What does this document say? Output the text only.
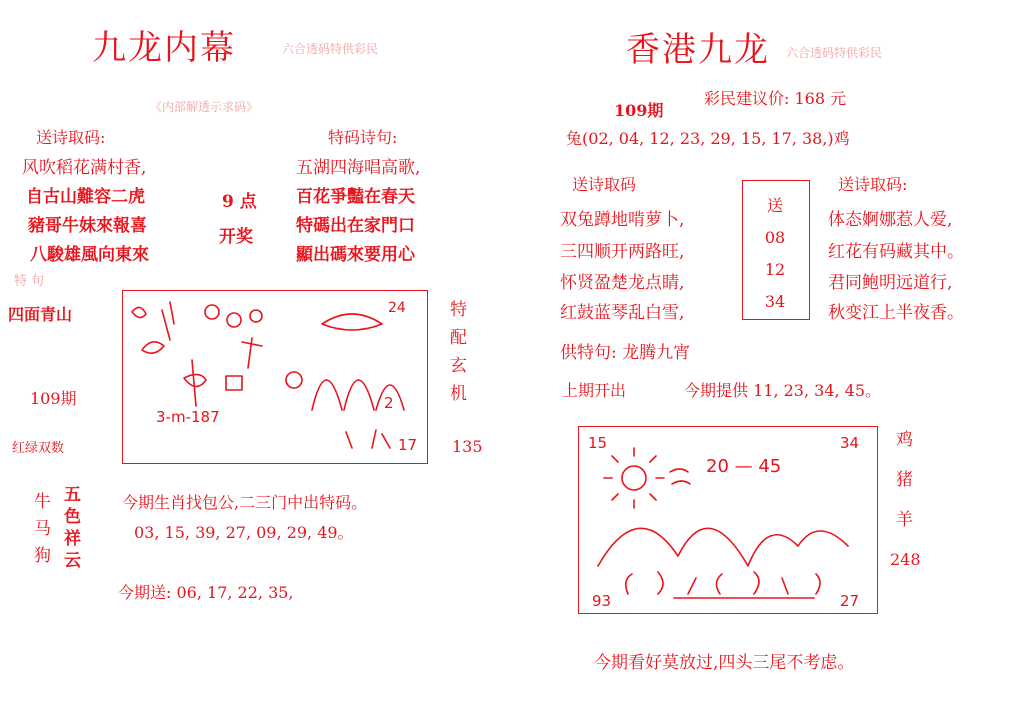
九龙内幕	六合透码特供彩民
《内部解透示求码》
送诗取码:
风吹稻花满村香,
自古山難容二虎
豬哥牛妹來報喜
八駿雄風向東來
9 点
开奖
特码诗句:
五湖四海唱高歌,
百花爭豔在春天
特碼出在家門口
顯出碼來要用心
特 句
四面青山
109期
红绿双数
24
3-m-187
2
17
特
配
玄
机
135
牛
马
狗
五
色
祥
云
今期生肖找包公,二三门中出特码。
03, 15, 39, 27, 09, 29, 49。
今期送: 06, 17, 22, 35,
香港九龙 六合透码特供彩民
109期
彩民建议价: 168 元
兔(02, 04, 12, 23, 29, 15, 17, 38,)鸡
送诗取码
双兔蹲地啃萝卜,
三四顺开两路旺,
怀贤盈楚龙点睛,
红鼓蓝琴乱白雪,
送
08
12
34
送诗取码:
体态婀娜惹人爱,
红花有码藏其中。
君同鲍明远道行,
秋变江上半夜香。
供特句: 龙腾九宵
上期开出	今期提供 11, 23, 34, 45。
15	34
20 — 45
93	27
鸡
猪
羊
248
今期看好莫放过,四头三尾不考虑。
